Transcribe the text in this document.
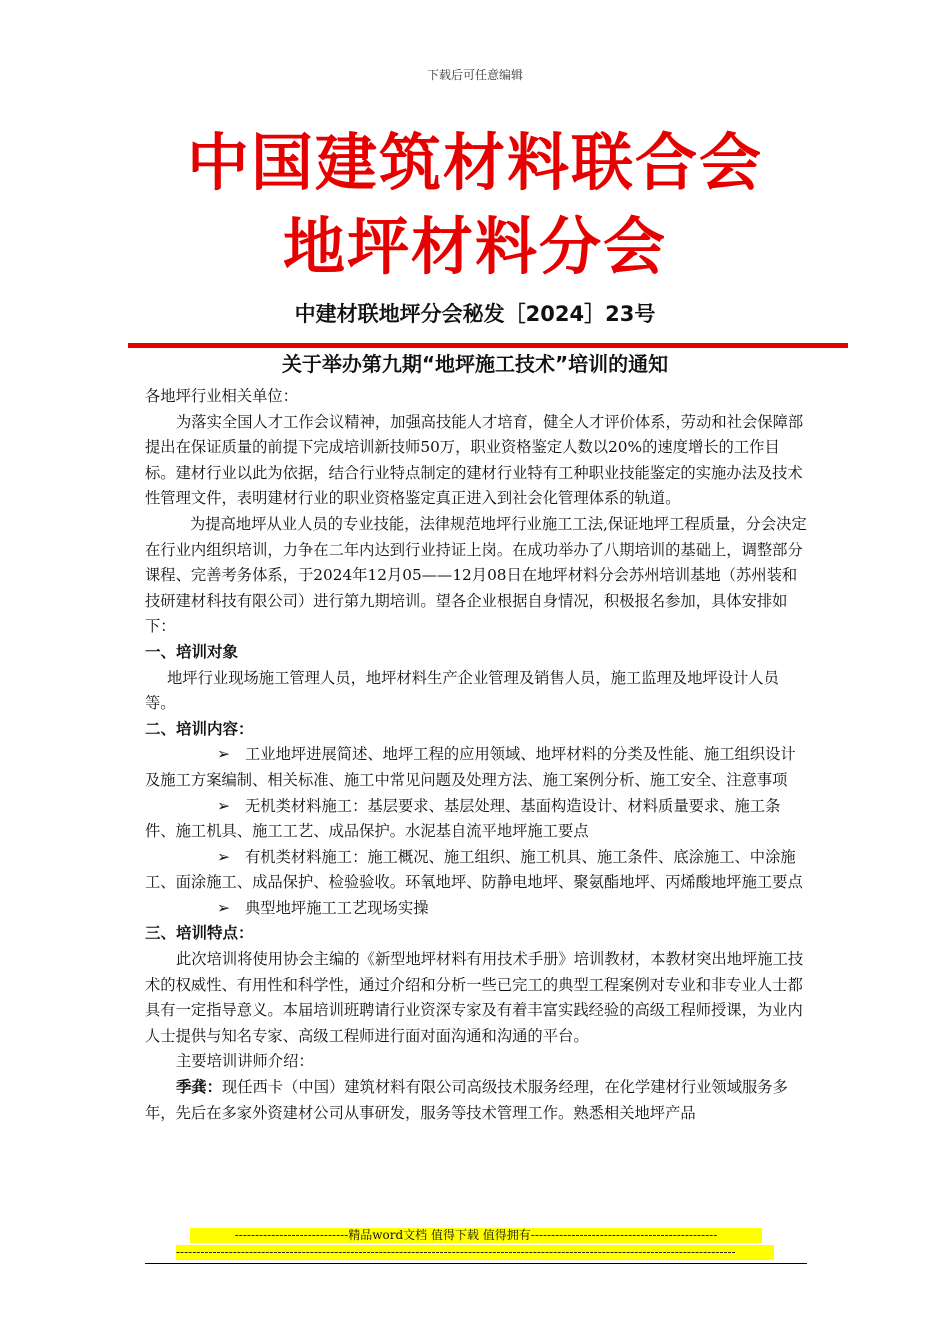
下载后可任意编辑
中国建筑材料联合会
地坪材料分会
中建材联地坪分会秘发［2024］23号
关于举办第九期“地坪施工技术”培训的通知

各地坪行业相关单位：

为落实全国人才工作会议精神，加强高技能人才培育，健全人才评价体系，劳动和社会保障部提出在保证质量的前提下完成培训新技师50万，职业资格鉴定人数以20%的速度增长的工作目标。建材行业以此为依据，结合行业特点制定的建材行业特有工种职业技能鉴定的实施办法及技术性管理文件，表明建材行业的职业资格鉴定真正进入到社会化管理体系的轨道。

为提高地坪从业人员的专业技能，法律规范地坪行业施工工法,保证地坪工程质量，分会决定在行业内组织培训，力争在二年内达到行业持证上岗。在成功举办了八期培训的基础上，调整部分课程、完善考务体系，于2024年12月05——12月08日在地坪材料分会苏州培训基地（苏州装和技研建材科技有限公司）进行第九期培训。望各企业根据自身情况，积极报名参加，具体安排如下：

一、培训对象

地坪行业现场施工管理人员，地坪材料生产企业管理及销售人员，施工监理及地坪设计人员等。

二、培训内容：

➢ 工业地坪进展简述、地坪工程的应用领域、地坪材料的分类及性能、施工组织设计及施工方案编制、相关标准、施工中常见问题及处理方法、施工案例分析、施工安全、注意事项

➢ 无机类材料施工：基层要求、基层处理、基面构造设计、材料质量要求、施工条件、施工机具、施工工艺、成品保护。水泥基自流平地坪施工要点

➢ 有机类材料施工：施工概况、施工组织、施工机具、施工条件、底涂施工、中涂施工、面涂施工、成品保护、检验验收。环氧地坪、防静电地坪、聚氨酯地坪、丙烯酸地坪施工要点

➢ 典型地坪施工工艺现场实操

三、培训特点：

此次培训将使用协会主编的《新型地坪材料有用技术手册》培训教材，本教材突出地坪施工技术的权威性、有用性和科学性，通过介绍和分析一些已完工的典型工程案例对专业和非专业人士都具有一定指导意义。本届培训班聘请行业资深专家及有着丰富实践经验的高级工程师授课，为业内人士提供与知名专家、高级工程师进行面对面沟通和沟通的平台。

主要培训讲师介绍：

季龚：现任西卡（中国）建筑材料有限公司高级技术服务经理，在化学建材行业领域服务多年，先后在多家外资建材公司从事研发，服务等技术管理工作。熟悉相关地坪产品

----------------------------精品word文档 值得下载 值得拥有----------------------------------------------
------------------------------------------------------------------------------------------------------------------------------------------
